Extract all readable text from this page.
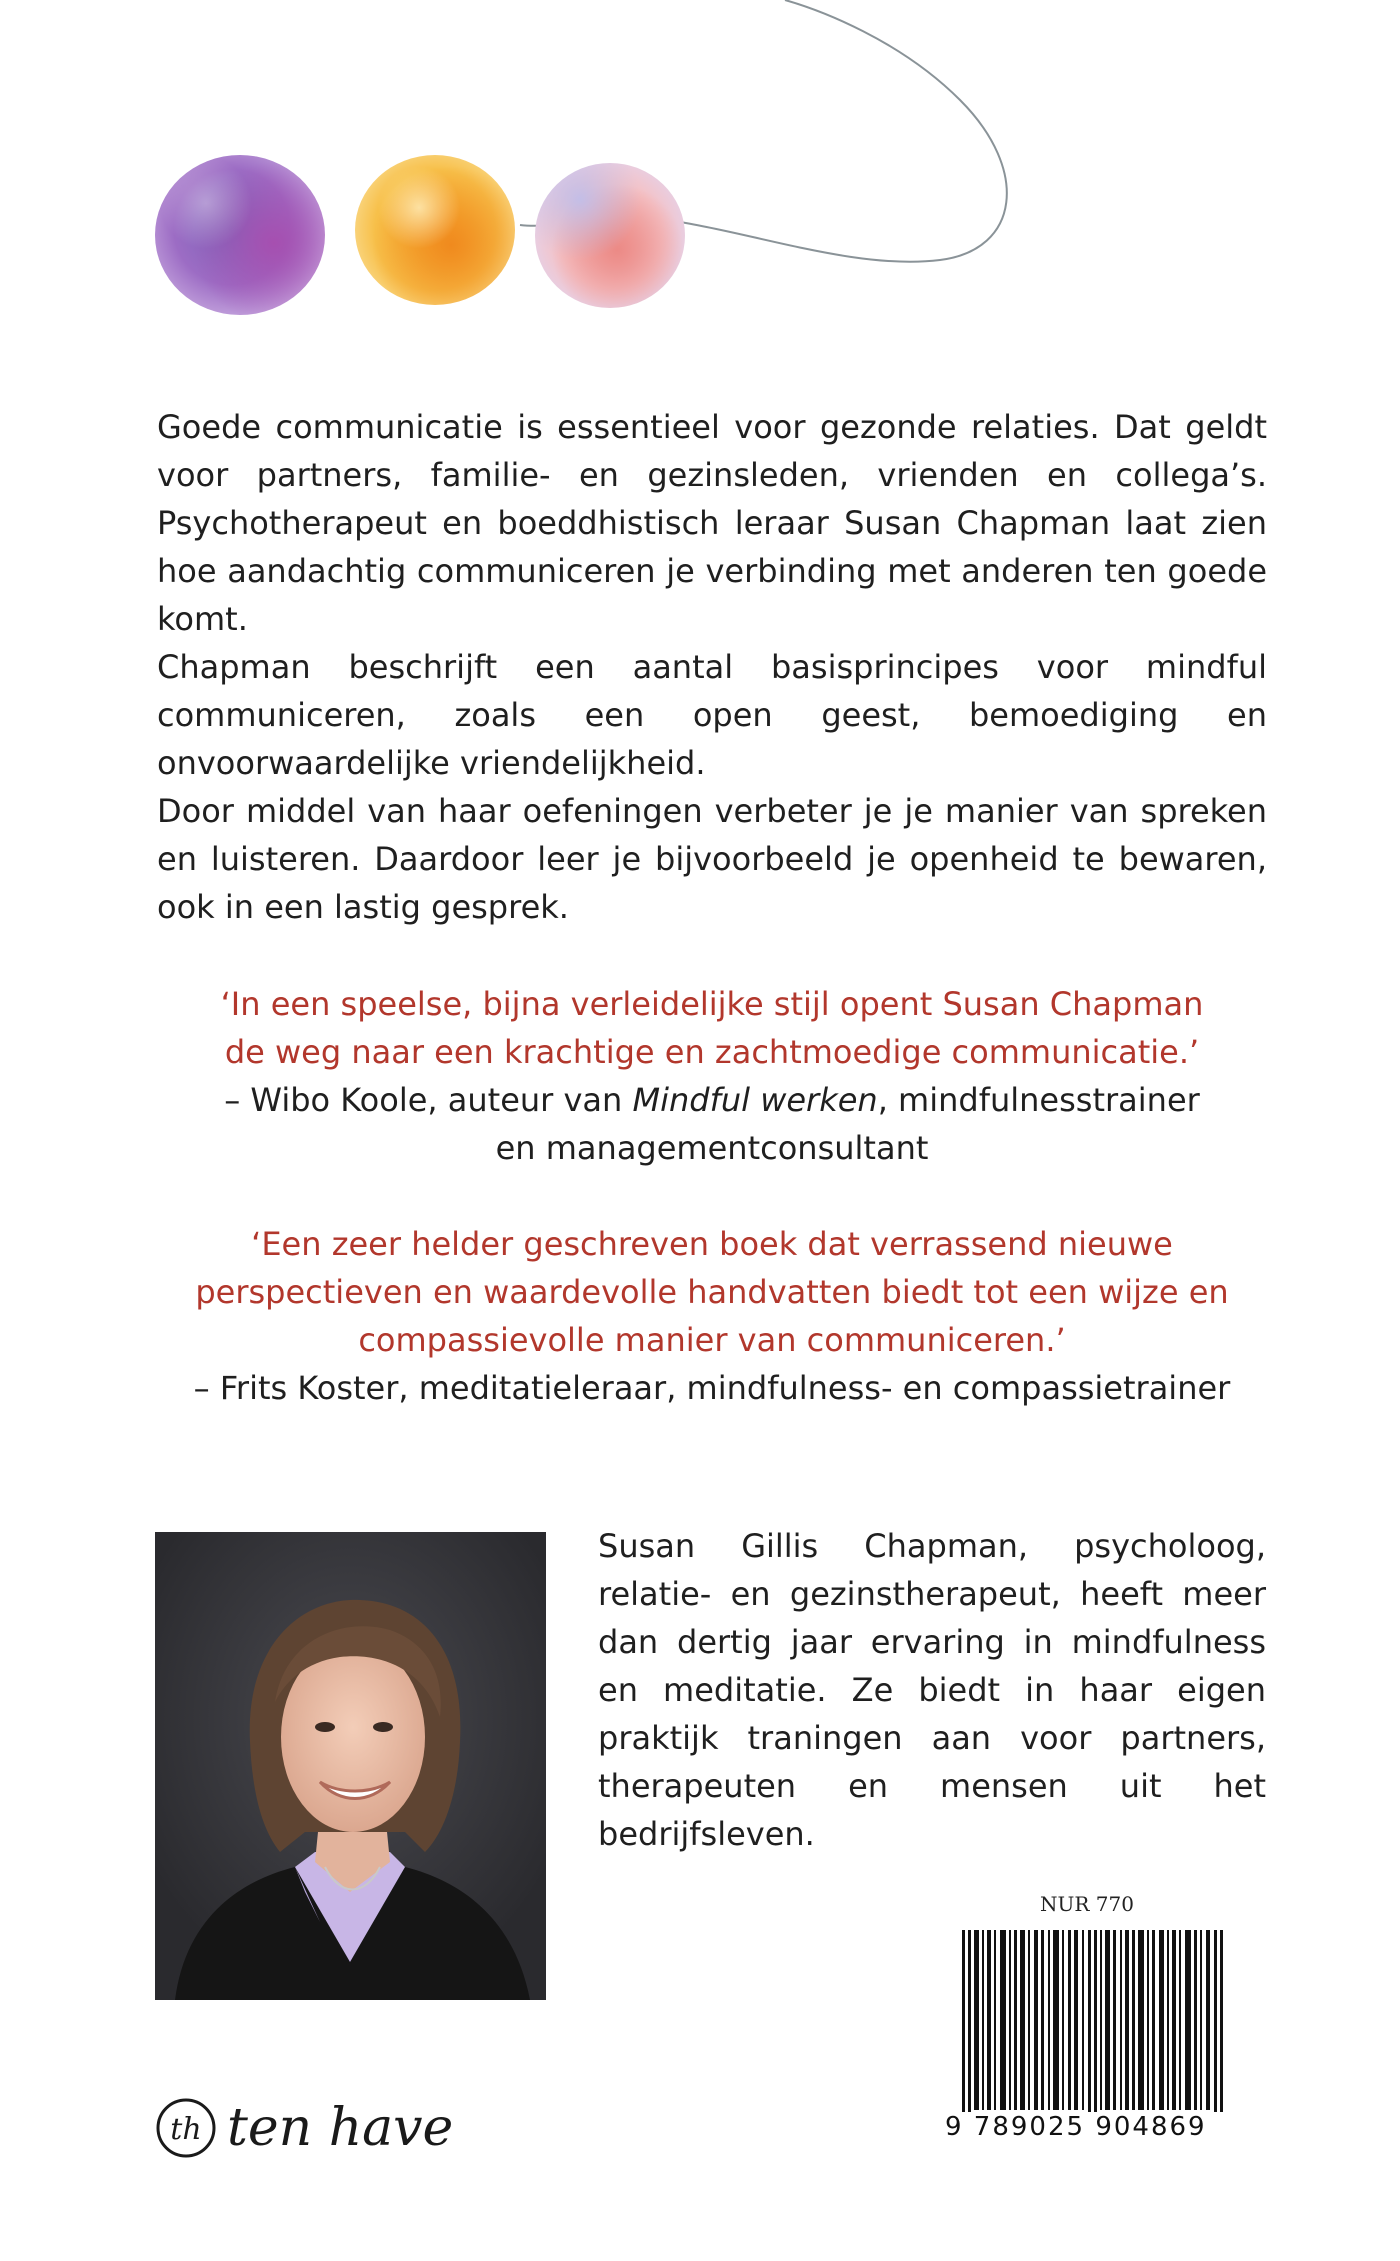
Goede communicatie is essentieel voor gezonde relaties. Dat geldt voor partners, familie- en gezinsleden, vrienden en collega’s. Psychotherapeut en boeddhistisch leraar Susan Chapman laat zien hoe aandachtig communiceren je verbinding met anderen ten goede komt.

Chapman beschrijft een aantal basisprincipes voor mindful communiceren, zoals een open geest, bemoediging en onvoorwaardelijke vriendelijkheid.

Door middel van haar oefeningen verbeter je je manier van spreken en luisteren. Daardoor leer je bijvoorbeeld je openheid te bewaren, ook in een lastig gesprek.

‘In een speelse, bijna verleidelijke stijl opent Susan Chapman
de weg naar een krachtige en zachtmoedige communicatie.’
– Wibo Koole, auteur van Mindful werken, mindfulnesstrainer
en managementconsultant
‘Een zeer helder geschreven boek dat verrassend nieuwe
perspectieven en waardevolle handvatten biedt tot een wijze en
compassievolle manier van communiceren.’
– Frits Koster, meditatieleraar, mindfulness- en compassietrainer

Susan Gillis Chapman, psycholoog, relatie- en gezinstherapeut, heeft meer dan dertig jaar ervaring in mindfulness en meditatie. Ze biedt in haar eigen praktijk traningen aan voor partners, therapeuten en mensen uit het bedrijfsleven.

NUR 770
9 789025 904869
th ten have
